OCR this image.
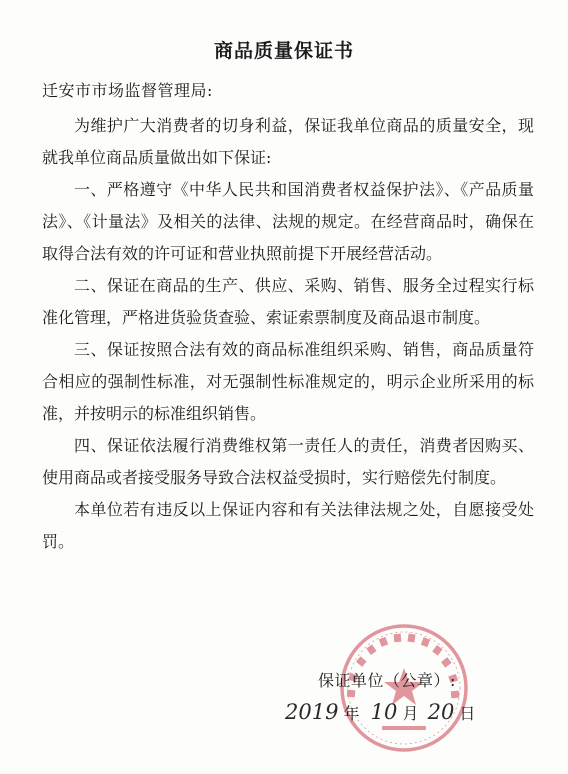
商品质量保证书
迁安市市场监督管理局:

为维护广大消费者的切身利益，保证我单位商品的质量安全，现就我单位商品质量做出如下保证:

一、严格遵守《中华人民共和国消费者权益保护法》、《产品质量法》、《计量法》及相关的法律、法规的规定。在经营商品时，确保在取得合法有效的许可证和营业执照前提下开展经营活动。

二、保证在商品的生产、供应、采购、销售、服务全过程实行标准化管理，严格进货验货查验、索证索票制度及商品退市制度。

三、保证按照合法有效的商品标准组织采购、销售，商品质量符合相应的强制性标准，对无强制性标准规定的，明示企业所采用的标准，并按明示的标准组织销售。

四、保证依法履行消费维权第一责任人的责任，消费者因购买、使用商品或者接受服务导致合法权益受损时，实行赔偿先付制度。

本单位若有违反以上保证内容和有关法律法规之处，自愿接受处罚。

保证单位（公章）:
2019 年 10 月 20 日
